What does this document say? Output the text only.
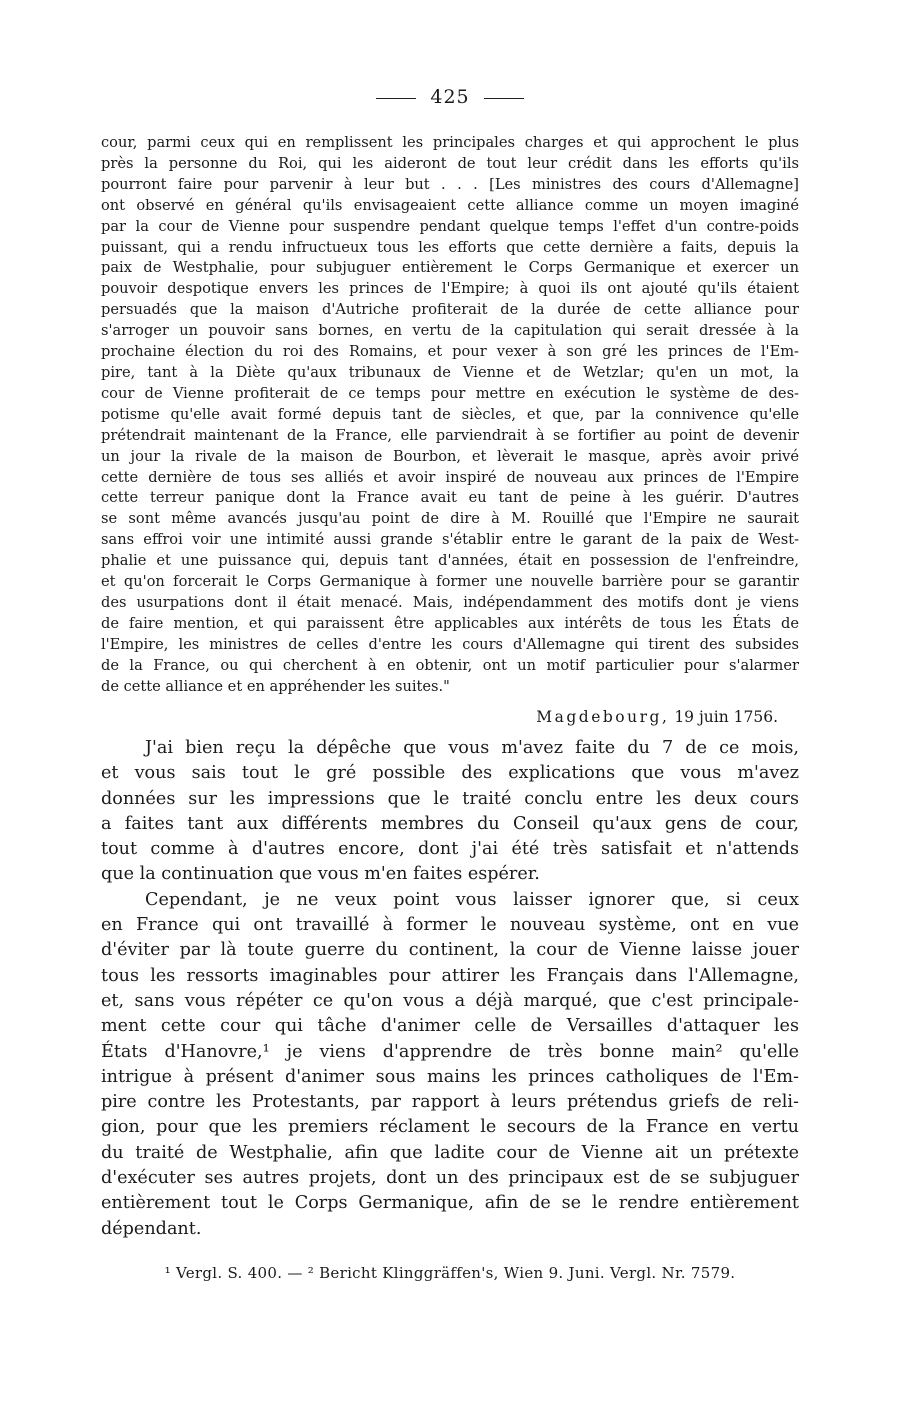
425
cour, parmi ceux qui en remplissent les principales charges et qui approchent le plus
près la personne du Roi, qui les aideront de tout leur crédit dans les efforts qu'ils
pourront faire pour parvenir à leur but . . . [Les ministres des cours d'Allemagne]
ont observé en général qu'ils envisageaient cette alliance comme un moyen imaginé
par la cour de Vienne pour suspendre pendant quelque temps l'effet d'un contre-poids
puissant, qui a rendu infructueux tous les efforts que cette dernière a faits, depuis la
paix de Westphalie, pour subjuguer entièrement le Corps Germanique et exercer un
pouvoir despotique envers les princes de l'Empire; à quoi ils ont ajouté qu'ils étaient
persuadés que la maison d'Autriche profiterait de la durée de cette alliance pour
s'arroger un pouvoir sans bornes, en vertu de la capitulation qui serait dressée à la
prochaine élection du roi des Romains, et pour vexer à son gré les princes de l'Em-
pire, tant à la Diète qu'aux tribunaux de Vienne et de Wetzlar; qu'en un mot, la
cour de Vienne profiterait de ce temps pour mettre en exécution le système de des-
potisme qu'elle avait formé depuis tant de siècles, et que, par la connivence qu'elle
prétendrait maintenant de la France, elle parviendrait à se fortifier au point de devenir
un jour la rivale de la maison de Bourbon, et lèverait le masque, après avoir privé
cette dernière de tous ses alliés et avoir inspiré de nouveau aux princes de l'Empire
cette terreur panique dont la France avait eu tant de peine à les guérir. D'autres
se sont même avancés jusqu'au point de dire à M. Rouillé que l'Empire ne saurait
sans effroi voir une intimité aussi grande s'établir entre le garant de la paix de West-
phalie et une puissance qui, depuis tant d'années, était en possession de l'enfreindre,
et qu'on forcerait le Corps Germanique à former une nouvelle barrière pour se garantir
des usurpations dont il était menacé. Mais, indépendamment des motifs dont je viens
de faire mention, et qui paraissent être applicables aux intérêts de tous les États de
l'Empire, les ministres de celles d'entre les cours d'Allemagne qui tirent des subsides
de la France, ou qui cherchent à en obtenir, ont un motif particulier pour s'alarmer
de cette alliance et en appréhender les suites."
Magdebourg, 19 juin 1756.
J'ai bien reçu la dépêche que vous m'avez faite du 7 de ce mois,
et vous sais tout le gré possible des explications que vous m'avez
données sur les impressions que le traité conclu entre les deux cours
a faites tant aux différents membres du Conseil qu'aux gens de cour,
tout comme à d'autres encore, dont j'ai été très satisfait et n'attends
que la continuation que vous m'en faites espérer.
Cependant, je ne veux point vous laisser ignorer que, si ceux
en France qui ont travaillé à former le nouveau système, ont en vue
d'éviter par là toute guerre du continent, la cour de Vienne laisse jouer
tous les ressorts imaginables pour attirer les Français dans l'Allemagne,
et, sans vous répéter ce qu'on vous a déjà marqué, que c'est principale-
ment cette cour qui tâche d'animer celle de Versailles d'attaquer les
États d'Hanovre,¹ je viens d'apprendre de très bonne main² qu'elle
intrigue à présent d'animer sous mains les princes catholiques de l'Em-
pire contre les Protestants, par rapport à leurs prétendus griefs de reli-
gion, pour que les premiers réclament le secours de la France en vertu
du traité de Westphalie, afin que ladite cour de Vienne ait un prétexte
d'exécuter ses autres projets, dont un des principaux est de se subjuguer
entièrement tout le Corps Germanique, afin de se le rendre entièrement
dépendant.
¹ Vergl. S. 400. — ² Bericht Klinggräffen's, Wien 9. Juni. Vergl. Nr. 7579.
